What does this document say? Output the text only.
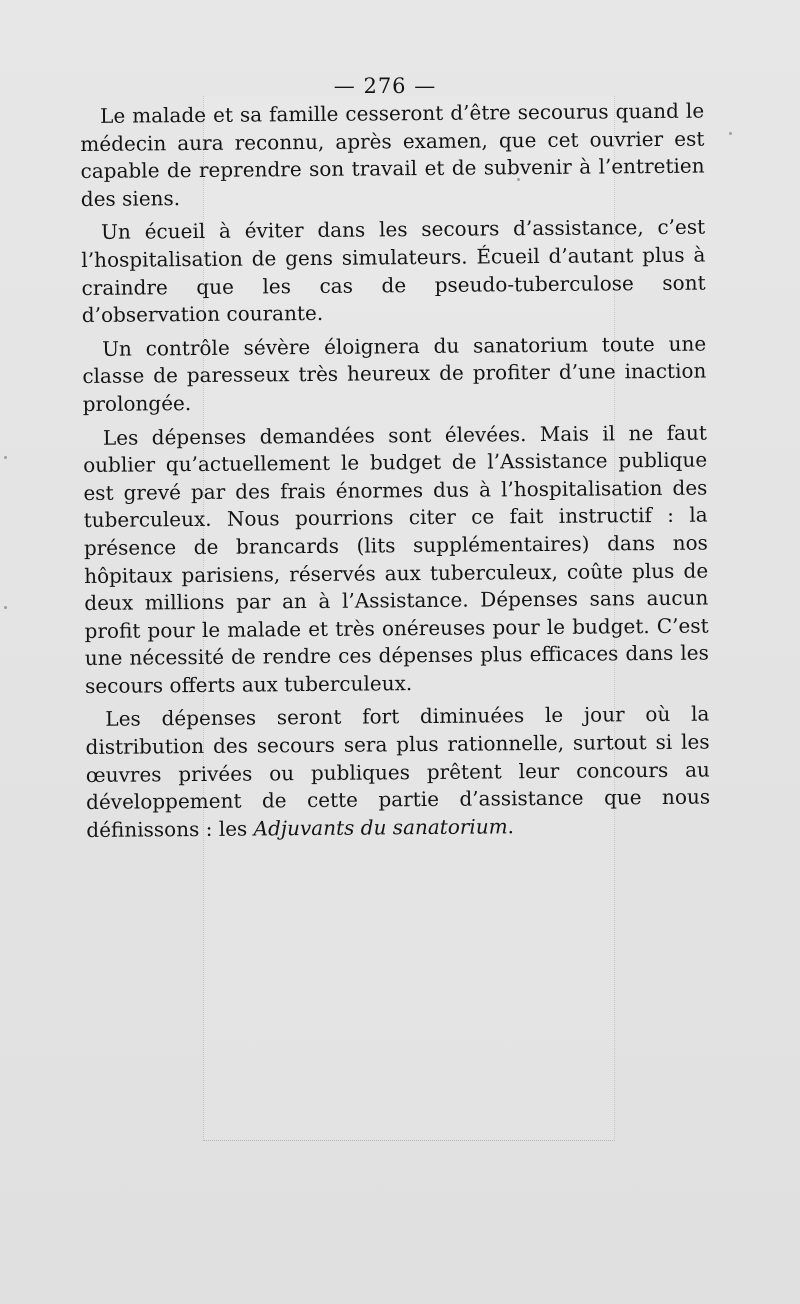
— 276 —

Le malade et sa famille cesseront d’être secourus quand le médecin aura reconnu, après examen, que cet ouvrier est capable de reprendre son travail et de subvenir à l’entretien des siens.

Un écueil à éviter dans les secours d’assistance, c’est l’hospitalisation de gens simulateurs. Écueil d’autant plus à craindre que les cas de pseudo-tuberculose sont d’observation courante.

Un contrôle sévère éloignera du sanatorium toute une classe de paresseux très heureux de profiter d’une inaction prolongée.

Les dépenses demandées sont élevées. Mais il ne faut oublier qu’actuellement le budget de l’Assistance publique est grevé par des frais énormes dus à l’hospitalisation des tuberculeux. Nous pourrions citer ce fait instructif : la présence de brancards (lits supplémentaires) dans nos hôpitaux parisiens, réservés aux tuberculeux, coûte plus de deux millions par an à l’Assistance. Dépenses sans aucun profit pour le malade et très onéreuses pour le budget. C’est une nécessité de rendre ces dépenses plus efficaces dans les secours offerts aux tuberculeux.

Les dépenses seront fort diminuées le jour où la distribution des secours sera plus rationnelle, surtout si les œuvres privées ou publiques prêtent leur concours au développement de cette partie d’assistance que nous définissons : les Adjuvants du sanatorium.
